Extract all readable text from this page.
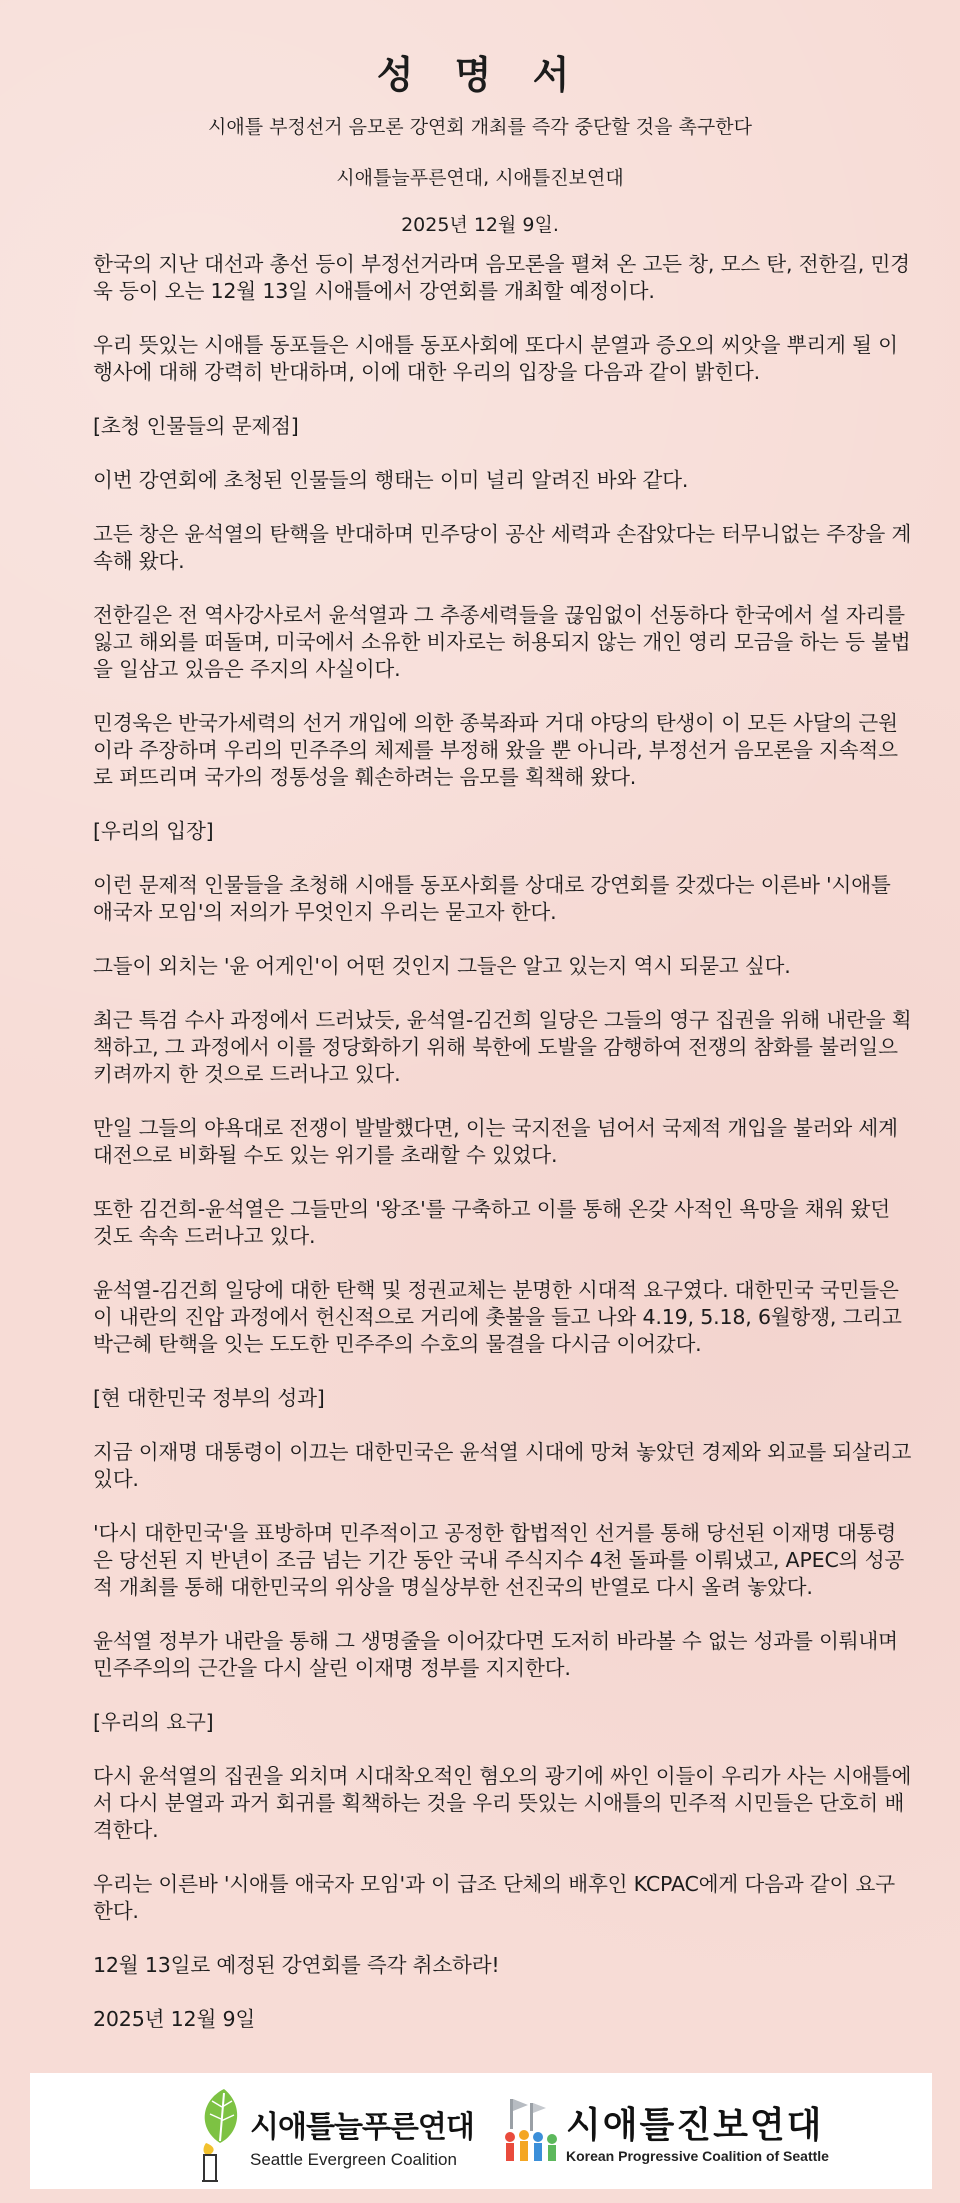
성 명 서
시애틀 부정선거 음모론 강연회 개최를 즉각 중단할 것을 촉구한다
시애틀늘푸른연대, 시애틀진보연대
2025년 12월 9일.

한국의 지난 대선과 총선 등이 부정선거라며 음모론을 펼쳐 온 고든 창, 모스 탄, 전한길, 민경욱 등이 오는 12월 13일 시애틀에서 강연회를 개최할 예정이다.

우리 뜻있는 시애틀 동포들은 시애틀 동포사회에 또다시 분열과 증오의 씨앗을 뿌리게 될 이 행사에 대해 강력히 반대하며, 이에 대한 우리의 입장을 다음과 같이 밝힌다.

[초청 인물들의 문제점]

이번 강연회에 초청된 인물들의 행태는 이미 널리 알려진 바와 같다.

고든 창은 윤석열의 탄핵을 반대하며 민주당이 공산 세력과 손잡았다는 터무니없는 주장을 계속해 왔다.

전한길은 전 역사강사로서 윤석열과 그 추종세력들을 끊임없이 선동하다 한국에서 설 자리를 잃고 해외를 떠돌며, 미국에서 소유한 비자로는 허용되지 않는 개인 영리 모금을 하는 등 불법을 일삼고 있음은 주지의 사실이다.

민경욱은 반국가세력의 선거 개입에 의한 종북좌파 거대 야당의 탄생이 이 모든 사달의 근원이라 주장하며 우리의 민주주의 체제를 부정해 왔을 뿐 아니라, 부정선거 음모론을 지속적으로 퍼뜨리며 국가의 정통성을 훼손하려는 음모를 획책해 왔다.

[우리의 입장]

이런 문제적 인물들을 초청해 시애틀 동포사회를 상대로 강연회를 갖겠다는 이른바 '시애틀 애국자 모임'의 저의가 무엇인지 우리는 묻고자 한다.

그들이 외치는 '윤 어게인'이 어떤 것인지 그들은 알고 있는지 역시 되묻고 싶다.

최근 특검 수사 과정에서 드러났듯, 윤석열-김건희 일당은 그들의 영구 집권을 위해 내란을 획책하고, 그 과정에서 이를 정당화하기 위해 북한에 도발을 감행하여 전쟁의 참화를 불러일으키려까지 한 것으로 드러나고 있다.

만일 그들의 야욕대로 전쟁이 발발했다면, 이는 국지전을 넘어서 국제적 개입을 불러와 세계대전으로 비화될 수도 있는 위기를 초래할 수 있었다.

또한 김건희-윤석열은 그들만의 '왕조'를 구축하고 이를 통해 온갖 사적인 욕망을 채워 왔던 것도 속속 드러나고 있다.

윤석열-김건희 일당에 대한 탄핵 및 정권교체는 분명한 시대적 요구였다. 대한민국 국민들은 이 내란의 진압 과정에서 헌신적으로 거리에 촛불을 들고 나와 4.19, 5.18, 6월항쟁, 그리고 박근혜 탄핵을 잇는 도도한 민주주의 수호의 물결을 다시금 이어갔다.

[현 대한민국 정부의 성과]

지금 이재명 대통령이 이끄는 대한민국은 윤석열 시대에 망쳐 놓았던 경제와 외교를 되살리고 있다.

'다시 대한민국'을 표방하며 민주적이고 공정한 합법적인 선거를 통해 당선된 이재명 대통령은 당선된 지 반년이 조금 넘는 기간 동안 국내 주식지수 4천 돌파를 이뤄냈고, APEC의 성공적 개최를 통해 대한민국의 위상을 명실상부한 선진국의 반열로 다시 올려 놓았다.

윤석열 정부가 내란을 통해 그 생명줄을 이어갔다면 도저히 바라볼 수 없는 성과를 이뤄내며 민주주의의 근간을 다시 살린 이재명 정부를 지지한다.

[우리의 요구]

다시 윤석열의 집권을 외치며 시대착오적인 혐오의 광기에 싸인 이들이 우리가 사는 시애틀에서 다시 분열과 과거 회귀를 획책하는 것을 우리 뜻있는 시애틀의 민주적 시민들은 단호히 배격한다.

우리는 이른바 '시애틀 애국자 모임'과 이 급조 단체의 배후인 KCPAC에게 다음과 같이 요구한다.

12월 13일로 예정된 강연회를 즉각 취소하라!

2025년 12월 9일

시애틀늘푸른연대
Seattle Evergreen Coalition
시애틀진보연대
Korean Progressive Coalition of Seattle
